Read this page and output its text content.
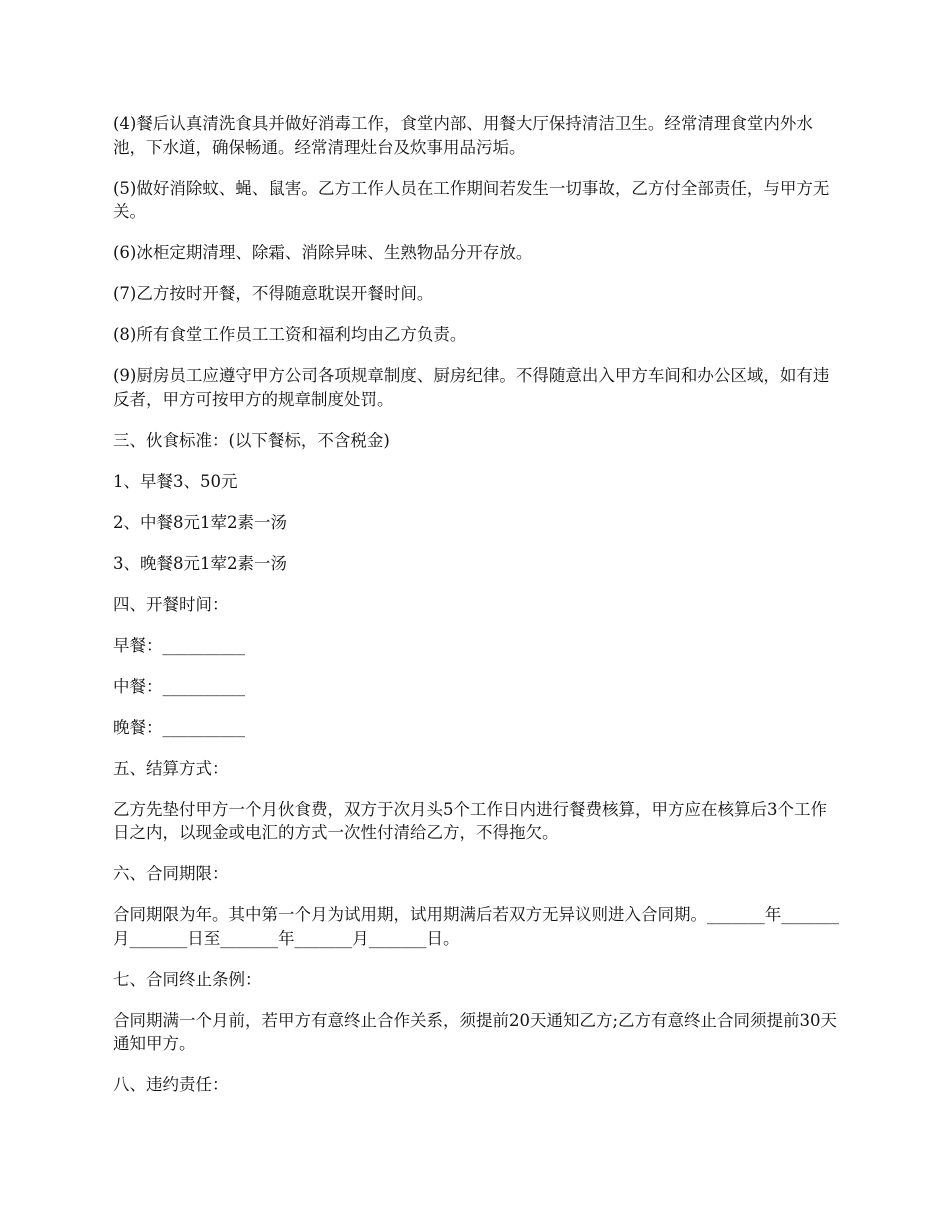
(4)餐后认真清洗食具并做好消毒工作，食堂内部、用餐大厅保持清洁卫生。经常清理食堂内外水池，下水道，确保畅通。经常清理灶台及炊事用品污垢。

(5)做好消除蚊、蝇、鼠害。乙方工作人员在工作期间若发生一切事故，乙方付全部责任，与甲方无关。

(6)冰柜定期清理、除霜、消除异味、生熟物品分开存放。

(7)乙方按时开餐，不得随意耽误开餐时间。

(8)所有食堂工作员工工资和福利均由乙方负责。

(9)厨房员工应遵守甲方公司各项规章制度、厨房纪律。不得随意出入甲方车间和办公区域，如有违反者，甲方可按甲方的规章制度处罚。

三、伙食标准：(以下餐标，不含税金)

1、早餐3、50元

2、中餐8元1荤2素一汤

3、晚餐8元1荤2素一汤

四、开餐时间：

早餐：__________

中餐：__________

晚餐：__________

五、结算方式：

乙方先垫付甲方一个月伙食费，双方于次月头5个工作日内进行餐费核算，甲方应在核算后3个工作日之内，以现金或电汇的方式一次性付清给乙方，不得拖欠。

六、合同期限：

合同期限为年。其中第一个月为试用期，试用期满后若双方无异议则进入合同期。_______年_______月_______日至_______年_______月_______日。

七、合同终止条例：

合同期满一个月前，若甲方有意终止合作关系，须提前20天通知乙方;乙方有意终止合同须提前30天通知甲方。

八、违约责任：
